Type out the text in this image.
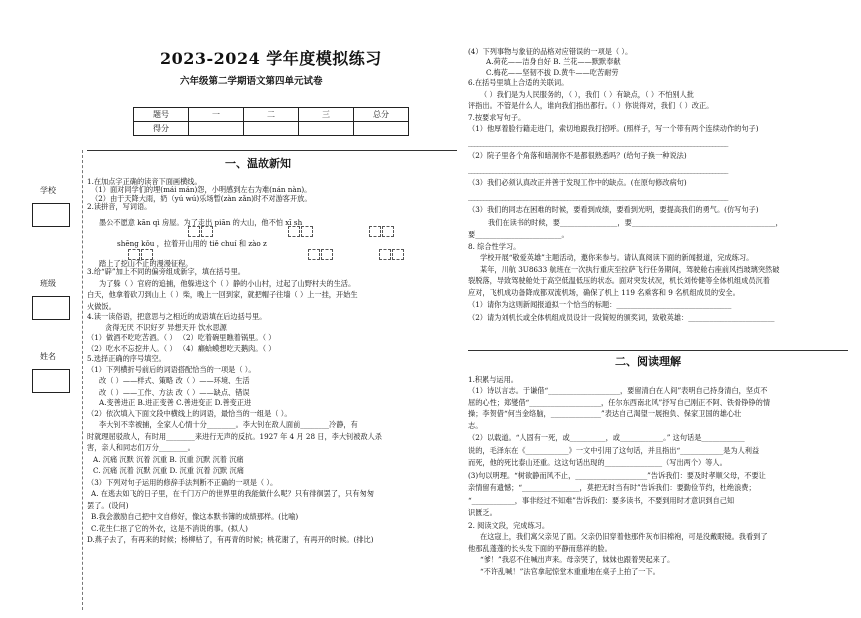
2023-2024 学年度模拟练习
六年级第二学期语文第四单元试卷
题号	一	二	三	总分
得分				
学校
班级
姓名
一、温故新知
1.在加点字正确的读音下面画横线。
（1）面对同学们的埋(mái mán)怨，小明感到左右为难(nán nàn)。
（2）由于天降大雨，奶（yú wú)乐场暂(zàn zǎn)时不对游客开放。
2.读拼音，写词语。
墨公不愿意 kān qì 房屋。为了走出 piān 的大山，他不怕 xī sh

shēng kǒu ，拉着开山用的 tiě chuí 和 zào z

踏上了挖山不止的漫漫征程。
3.给“辟”加上不同的偏旁组成新字，填在括号里。
为了躲（ ）官府的追捕，他躲进这个（ ）静的小山村，过起了山野村夫的生活。
白天，他拿着砍刀到山上（ ）柴，晚上一回到家，就把帽子往墙（ ）上一挂，开始生
火做饭。
4.读一读俗语，把意思与之相近的成语填在后边括号里。
贪得无厌 不识好歹 异想天开 饮水思源
（1）做酒不吃吃苦酒。（ ） （2）吃着碗里瞧着锅里。（ ）
（2）吃水不忘挖井人。（ ） （4）癞蛤蟆想吃天鹅肉。（ ）
5.选择正确的序号填空。
（1）下列横折号前后的词语搭配恰当的一项是（ ）。
改（ ）——样式、策略 改（ ）——环境、生活
改（ ）——工作、方法 改（ ）——缺点、错误
A.变善进正 B.进正变善 C.善进变正 D.善变正进
（2）依次填入下面文段中横线上的词语，最恰当的一组是（ ）。
李大钊不幸被捕，全家人心情十分________。李大钊在敌人面前________冷静，有
时就理屈驳敌人，有时用________来进行无声的反抗。1927 年 4 月 28 日，李大钊被敌人杀
害，亲人和同志们万分________。
A. 沉痛 沉默 沉着 沉重 B. 沉重 沉默 沉着 沉痛
C. 沉痛 沉着 沉默 沉重 D. 沉重 沉着 沉默 沉痛
（3）下列对句子运用的修辞手法判断不正确的一项是（ ）。
A. 在逃去如飞的日子里，在千门万户的世界里的我能做什么呢？只有徘徊罢了，只有匆匆
罢了。(设问)
B.我会激励自己把中文自修好，像这本默书簿的成绩那样。(比喻)
C.花生仁抠了它的外衣，这是不消说的事。(拟人)
D.燕子去了，有再来的时候；杨柳枯了，有再青的时候；桃花谢了，有再开的时候。(排比)
(4）下列事物与象征的品格对应错误的一项是（ ）。
A.荷花——洁身自好 B. 兰花——默默奉献
C.梅花——坚韧不拔 D.黄牛——吃苦耐劳
6.在括号里填上合适的关联词。
（ ）我们是为人民服务的，（ ），我们（ ）有缺点，（ ）不怕别人批
评指出。不管是什么人，谁向我们指出都行。（ ）你说得对，我们（ ）改正。
7.按要求写句子。
（1）他厚着脸行籍走进门，索切地跟我打招呼。(照样子，写一个带有两个连续动作的句子)
____________________________________________________________________________________
（2）院子里各个角落和暗洞你不是都很熟悉吗？(给句子换一种说法)
____________________________________________________________________________________
（3）我们必须认真改正并善于发现工作中的缺点。(在原句修改病句)
____________________________________________________________________________________
（3）我们的同志在困难的时候，要看到成绩，要看到光明，要提高我们的勇气。(仿写句子)
我们在读书的时候，要________________，要________________________________________，
要________________________。
8. 综合性学习。
学校开展“敬爱英雄”主题活动，邀你来参与。请认真阅读下面的新闻报道，完成练习。
某年，川航 3U8633 航班在一次执行重庆至拉萨飞行任务期间，驾驶舱右座前风挡玻璃突然破
裂脱落，导致驾驶舱处于高空低温低压的状态。面对突发状况，机长刘传健等全体机组成员沉着
应对，飞机成功备降成都双流机场，确保了机上 119 名乘客和 9 名机组成员的安全。
（1）请你为这则新闻报道拟一个恰当的标题：________________________________
（2）请为刘机长或全体机组成员设计一段简短的颁奖词，致敬英雄：________________________
二、阅读理解
1.积累与运用。
（1）诗以言志。于谦借“____________________，要留清白在人间”表明自己持身清白，坚贞不
屈的心性；郑燮借“____________________，任尔东西南北风”抒写自己刚正不阿、铁骨铮铮的情
操；李贺借“何当金络脑，______________”表达自己渴望一展抱负、保家卫国的雄心壮
志。
（2）以载道。“人固有一死，或__________，或____________。” 这句话是____________
说的，毛泽东在《____________》一文中引用了这句话，并且指出“____________是为人利益
而死，他的死比泰山还重。这这句话出现的________________（写出两个）等人。
(3)句以明理。“树欲静而风不止，____________________”告诉我们：要及时孝顺父母，不要让
亲情留有遗憾；“________________，莫把无时当有时”告诉我们：要勤俭节约，杜绝浪费；
“____________，事非经过不知难”告诉我们：要多读书，不要到用时才意识到自己知
识匮乏。
2. 阅读文段，完成练习。
在这寇上，我们寓父亲见了面。父亲仍旧穿着他那件灰布旧棉袍，可是没戴眼镜。我看到了
他那乱蓬蓬的长头发下面的平静而慈祥的脸。
“爹！”我忍不住喊出声来。母亲哭了，妹妹也跟着哭起来了。
“不许乱喊！”法官拿起惊堂木重重地在桌子上拍了一下。
